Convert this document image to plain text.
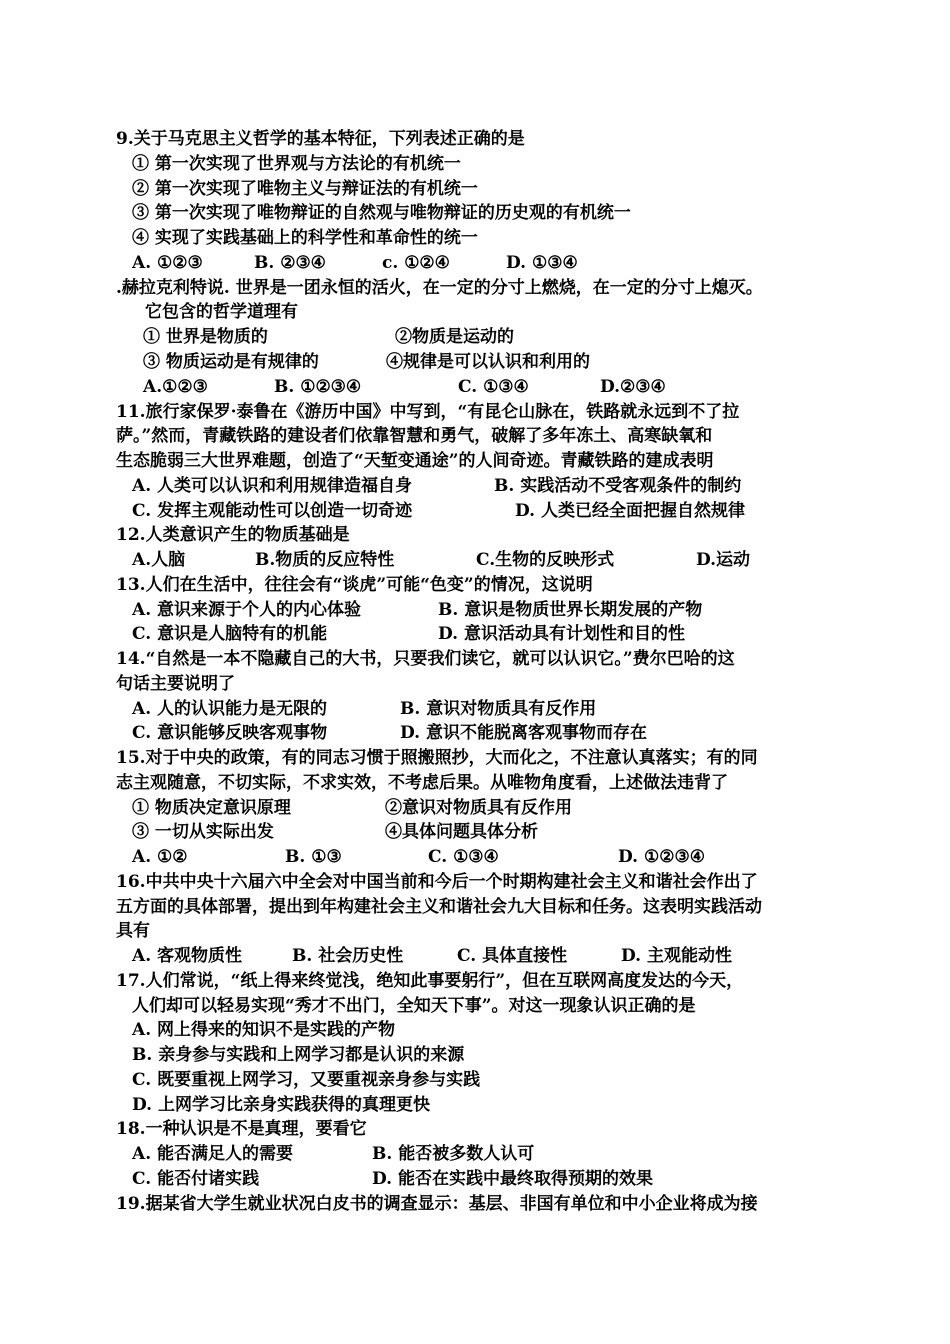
9.关于马克思主义哲学的基本特征，下列表述正确的是
① 第一次实现了世界观与方法论的有机统一
② 第一次实现了唯物主义与辩证法的有机统一
③ 第一次实现了唯物辩证的自然观与唯物辩证的历史观的有机统一
④ 实现了实践基础上的科学性和革命性的统一
A. ①②③	B. ②③④	c. ①②④	D. ①③④
.赫拉克利特说. 世界是一团永恒的活火，在一定的分寸上燃烧，在一定的分寸上熄灭。
它包含的哲学道理有
① 世界是物质的	②物质是运动的
③ 物质运动是有规律的	④规律是可以认识和利用的
A.①②③	B. ①②③④	C. ①③④	D.②③④
11.旅行家保罗·泰鲁在《游历中国》中写到，“有昆仑山脉在，铁路就永远到不了拉
萨。”然而，青藏铁路的建设者们依靠智慧和勇气，破解了多年冻土、高寒缺氧和
生态脆弱三大世界难题，创造了“天堑变通途”的人间奇迹。青藏铁路的建成表明
A. 人类可以认识和利用规律造福自身	B. 实践活动不受客观条件的制约
C. 发挥主观能动性可以创造一切奇迹	D. 人类已经全面把握自然规律
12.人类意识产生的物质基础是
A.人脑	B.物质的反应特性	C.生物的反映形式	D.运动
13.人们在生活中，往往会有“谈虎”可能“色变”的情况，这说明
A. 意识来源于个人的内心体验	B. 意识是物质世界长期发展的产物
C. 意识是人脑特有的机能	D. 意识活动具有计划性和目的性
14.“自然是一本不隐藏自己的大书，只要我们读它，就可以认识它。”费尔巴哈的这
句话主要说明了
A. 人的认识能力是无限的	B. 意识对物质具有反作用
C. 意识能够反映客观事物	D. 意识不能脱离客观事物而存在
15.对于中央的政策，有的同志习惯于照搬照抄，大而化之，不注意认真落实；有的同
志主观随意，不切实际，不求实效，不考虑后果。从唯物角度看，上述做法违背了
① 物质决定意识原理	②意识对物质具有反作用
③ 一切从实际出发	④具体问题具体分析
A. ①②	B. ①③	C. ①③④	D. ①②③④
16.中共中央十六届六中全会对中国当前和今后一个时期构建社会主义和谐社会作出了
五方面的具体部署，提出到年构建社会主义和谐社会九大目标和任务。这表明实践活动
具有
A. 客观物质性	B. 社会历史性	C. 具体直接性	D. 主观能动性
17.人们常说，“纸上得来终觉浅，绝知此事要躬行”，但在互联网高度发达的今天，
人们却可以轻易实现“秀才不出门，全知天下事”。对这一现象认识正确的是
A. 网上得来的知识不是实践的产物
B. 亲身参与实践和上网学习都是认识的来源
C. 既要重视上网学习，又要重视亲身参与实践
D. 上网学习比亲身实践获得的真理更快
18.一种认识是不是真理，要看它
A. 能否满足人的需要	B. 能否被多数人认可
C. 能否付诸实践	D. 能否在实践中最终取得预期的效果
19.据某省大学生就业状况白皮书的调查显示：基层、非国有单位和中小企业将成为接
